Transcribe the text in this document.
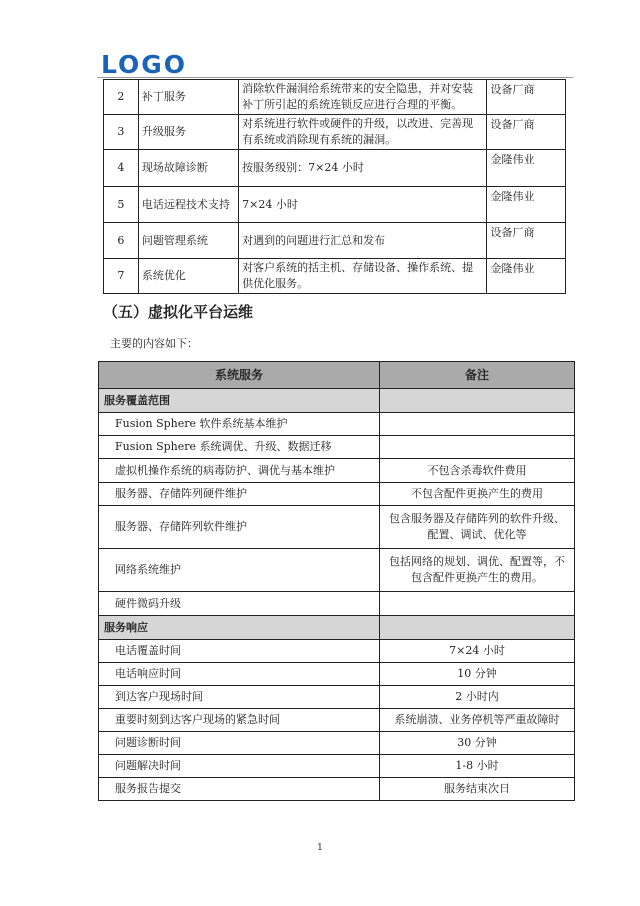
LOGO
2	补丁服务	消除软件漏洞给系统带来的安全隐患，并对安装补丁所引起的系统连锁反应进行合理的平衡。	设备厂商
3	升级服务	对系统进行软件或硬件的升级，以改进、完善现有系统或消除现有系统的漏洞。	设备厂商
4	现场故障诊断	按服务级别：7×24 小时	金隆伟业
5	电话远程技术支持	7×24 小时	金隆伟业
6	问题管理系统	对遇到的问题进行汇总和发布	设备厂商
7	系统优化	对客户系统的括主机、存储设备、操作系统、提供优化服务。	金隆伟业
（五）虚拟化平台运维
主要的内容如下：
系统服务	备注
服务覆盖范围	
Fusion Sphere 软件系统基本维护	
Fusion Sphere 系统调优、升级、数据迁移	
虚拟机操作系统的病毒防护、调优与基本维护	不包含杀毒软件费用
服务器、存储阵列硬件维护	不包含配件更换产生的费用
服务器、存储阵列软件维护	包含服务器及存储阵列的软件升级、配置、调试、优化等
网络系统维护	包括网络的规划、调优、配置等，不包含配件更换产生的费用。
硬件微码升级	
服务响应	
电话覆盖时间	7×24 小时
电话响应时间	10 分钟
到达客户现场时间	2 小时内
重要时刻到达客户现场的紧急时间	系统崩溃、业务停机等严重故障时
问题诊断时间	30 分钟
问题解决时间	1-8 小时
服务报告提交	服务结束次日
1
